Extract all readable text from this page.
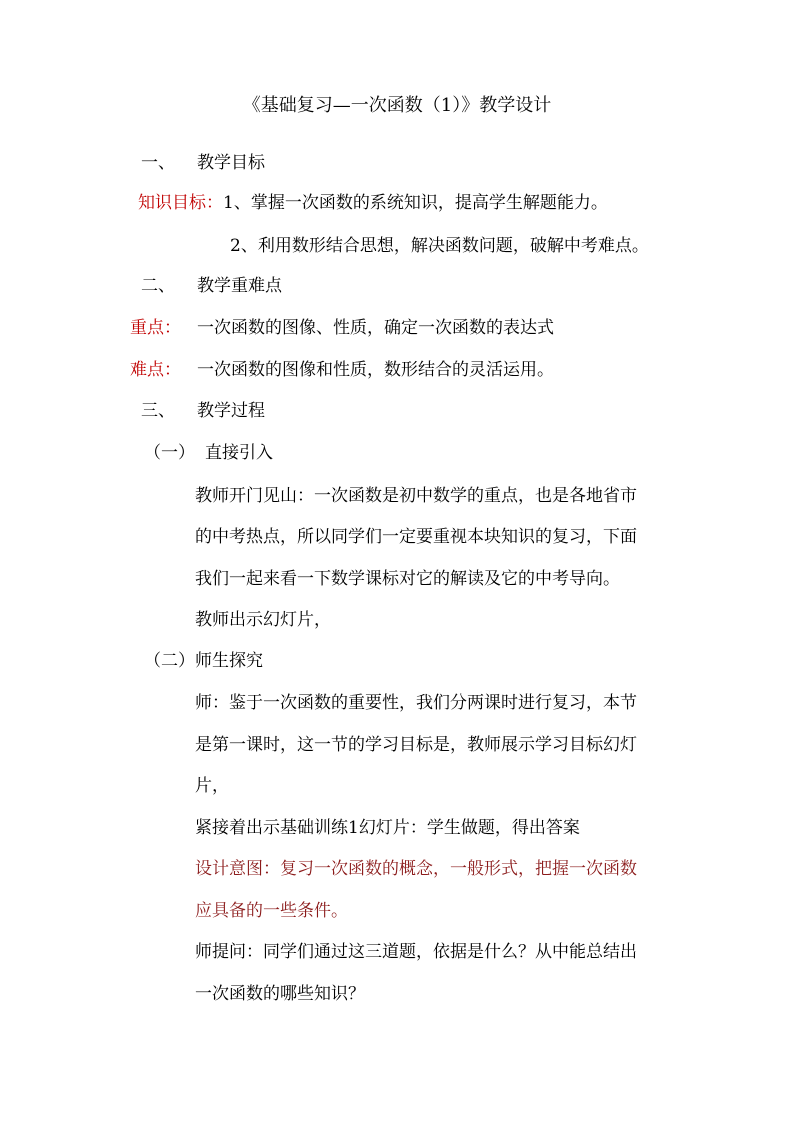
《基础复习—一次函数（1）》教学设计
一、 教学目标
知识目标：1、掌握一次函数的系统知识，提高学生解题能力。
2、利用数形结合思想，解决函数问题，破解中考难点。
二、 教学重难点
重点： 一次函数的图像、性质，确定一次函数的表达式
难点： 一次函数的图像和性质，数形结合的灵活运用。
三、 教学过程
（一） 直接引入
教师开门见山：一次函数是初中数学的重点，也是各地省市
的中考热点，所以同学们一定要重视本块知识的复习，下面
我们一起来看一下数学课标对它的解读及它的中考导向。
教师出示幻灯片，
（二）师生探究
师：鉴于一次函数的重要性，我们分两课时进行复习，本节
是第一课时，这一节的学习目标是，教师展示学习目标幻灯
片，
紧接着出示基础训练1幻灯片：学生做题，得出答案
设计意图：复习一次函数的概念，一般形式，把握一次函数
应具备的一些条件。
师提问：同学们通过这三道题，依据是什么？从中能总结出
一次函数的哪些知识？
